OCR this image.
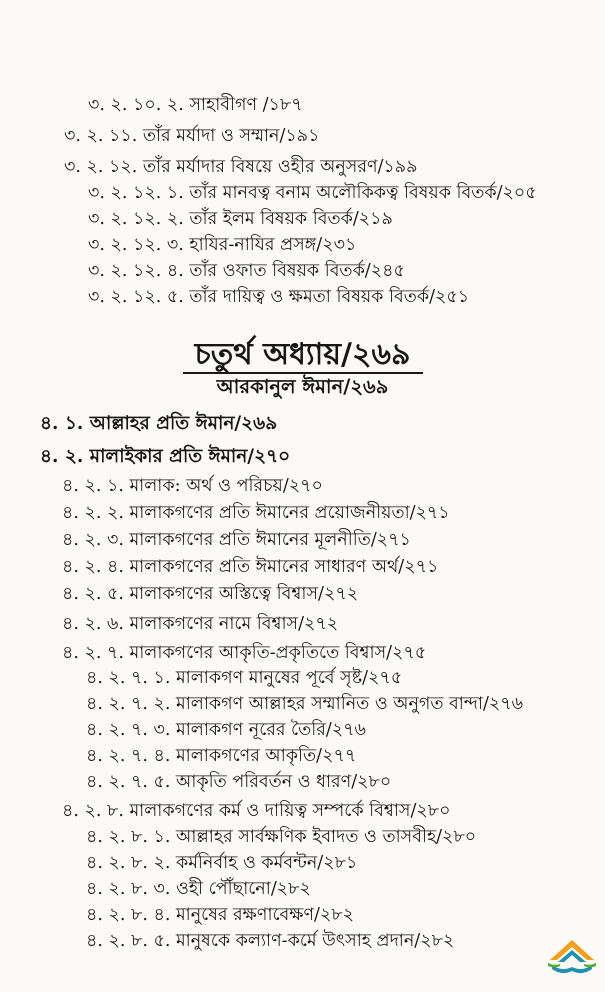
৩. ২. ১০. ২. সাহাবীগণ /১৮৭
৩. ২. ১১. তাঁর মর্যাদা ও সম্মান/১৯১
৩. ২. ১২. তাঁর মর্যাদার বিষয়ে ওহীর অনুসরণ/১৯৯
৩. ২. ১২. ১. তাঁর মানবত্ব বনাম অলৌকিকত্ব বিষয়ক বিতর্ক/২০৫
৩. ২. ১২. ২. তাঁর ইলম বিষয়ক বিতর্ক/২১৯
৩. ২. ১২. ৩. হাযির-নাযির প্রসঙ্গ/২৩১
৩. ২. ১২. ৪. তাঁর ওফাত বিষয়ক বিতর্ক/২৪৫
৩. ২. ১২. ৫. তাঁর দায়িত্ব ও ক্ষমতা বিষয়ক বিতর্ক/২৫১
চতুর্থ অধ্যায়/২৬৯
আরকানুল ঈমান/২৬৯
৪. ১. আল্লাহর প্রতি ঈমান/২৬৯
৪. ২. মালাইকার প্রতি ঈমান/২৭০
৪. ২. ১. মালাক: অর্থ ও পরিচয়/২৭০
৪. ২. ২. মালাকগণের প্রতি ঈমানের প্রয়োজনীয়তা/২৭১
৪. ২. ৩. মালাকগণের প্রতি ঈমানের মূলনীতি/২৭১
৪. ২. ৪. মালাকগণের প্রতি ঈমানের সাধারণ অর্থ/২৭১
৪. ২. ৫. মালাকগণের অস্তিত্বে বিশ্বাস/২৭২
৪. ২. ৬. মালাকগণের নামে বিশ্বাস/২৭২
৪. ২. ৭. মালাকগণের আকৃতি-প্রকৃতিতে বিশ্বাস/২৭৫
৪. ২. ৭. ১. মালাকগণ মানুষের পূর্বে সৃষ্ট/২৭৫
৪. ২. ৭. ২. মালাকগণ আল্লাহর সম্মানিত ও অনুগত বান্দা/২৭৬
৪. ২. ৭. ৩. মালাকগণ নূরের তৈরি/২৭৬
৪. ২. ৭. ৪. মালাকগণের আকৃতি/২৭৭
৪. ২. ৭. ৫. আকৃতি পরিবর্তন ও ধারণ/২৮০
৪. ২. ৮. মালাকগণের কর্ম ও দায়িত্ব সম্পর্কে বিশ্বাস/২৮০
৪. ২. ৮. ১. আল্লাহর সার্বক্ষণিক ইবাদত ও তাসবীহ/২৮০
৪. ২. ৮. ২. কর্মনির্বাহ ও কর্মবন্টন/২৮১
৪. ২. ৮. ৩. ওহী পৌঁছানো/২৮২
৪. ২. ৮. ৪. মানুষের রক্ষণাবেক্ষণ/২৮২
৪. ২. ৮. ৫. মানুষকে কল্যাণ-কর্মে উৎসাহ প্রদান/২৮২
